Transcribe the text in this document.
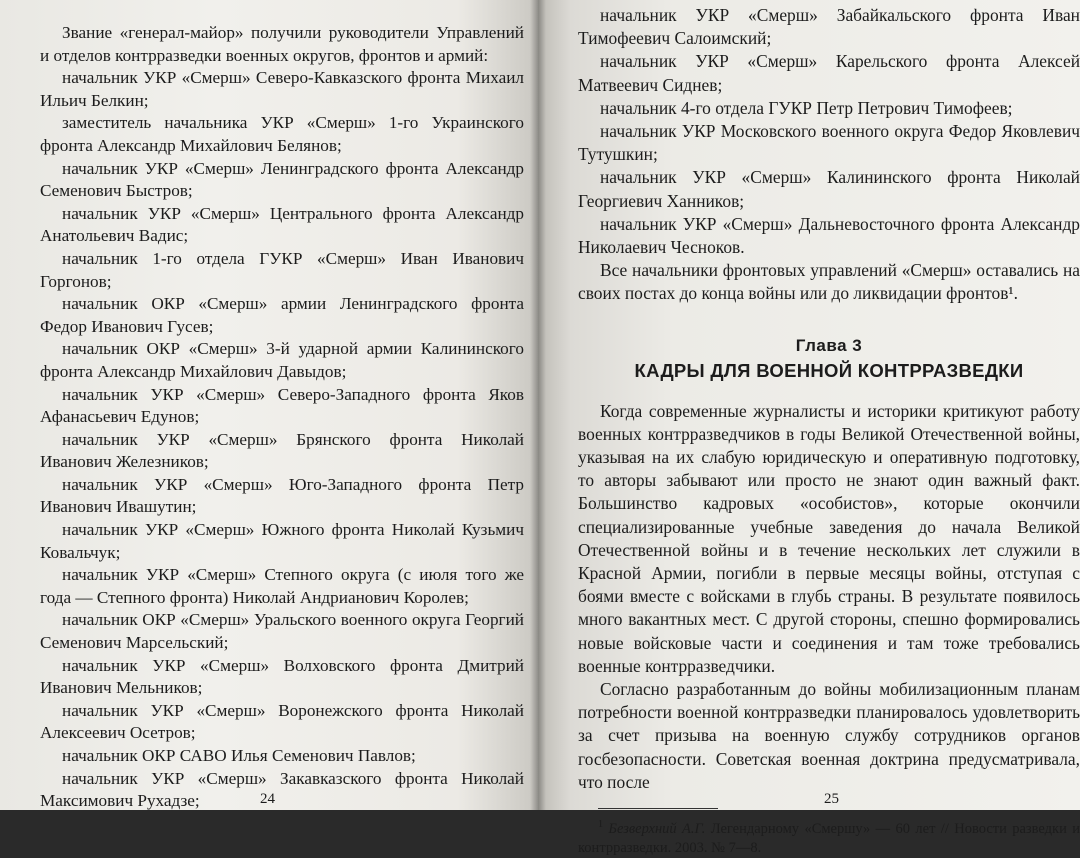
Звание «генерал-майор» получили руководители Управлений и отделов контрразведки военных округов, фронтов и армий:

начальник УКР «Смерш» Северо-Кавказского фронта Михаил Ильич Белкин;

заместитель начальника УКР «Смерш» 1-го Украинского фронта Александр Михайлович Белянов;

начальник УКР «Смерш» Ленинградского фронта Александр Семенович Быстров;

начальник УКР «Смерш» Центрального фронта Александр Анатольевич Вадис;

начальник 1-го отдела ГУКР «Смерш» Иван Иванович Горгонов;

начальник ОКР «Смерш» армии Ленинградского фронта Федор Иванович Гусев;

начальник ОКР «Смерш» 3-й ударной армии Калининского фронта Александр Михайлович Давыдов;

начальник УКР «Смерш» Северо-Западного фронта Яков Афанасьевич Едунов;

начальник УКР «Смерш» Брянского фронта Николай Иванович Железников;

начальник УКР «Смерш» Юго-Западного фронта Петр Иванович Ивашутин;

начальник УКР «Смерш» Южного фронта Николай Кузьмич Ковальчук;

начальник УКР «Смерш» Степного округа (с июля того же года — Степного фронта) Николай Андрианович Королев;

начальник ОКР «Смерш» Уральского военного округа Георгий Семенович Марсельский;

начальник УКР «Смерш» Волховского фронта Дмитрий Иванович Мельников;

начальник УКР «Смерш» Воронежского фронта Николай Алексеевич Осетров;

начальник ОКР САВО Илья Семенович Павлов;

начальник УКР «Смерш» Закавказского фронта Николай Максимович Рухадзе;	24

начальник УКР «Смерш» Забайкальского фронта Иван Тимофеевич Салоимский;

начальник УКР «Смерш» Карельского фронта Алексей Матвеевич Сиднев;

начальник 4-го отдела ГУКР Петр Петрович Тимофеев;

начальник УКР Московского военного округа Федор Яковлевич Тутушкин;

начальник УКР «Смерш» Калининского фронта Николай Георгиевич Ханников;

начальник УКР «Смерш» Дальневосточного фронта Александр Николаевич Чесноков.

Все начальники фронтовых управлений «Смерш» оставались на своих постах до конца войны или до ликвидации фронтов¹.

Глава 3
КАДРЫ ДЛЯ ВОЕННОЙ КОНТРРАЗВЕДКИ

Когда современные журналисты и историки критикуют работу военных контрразведчиков в годы Великой Отечественной войны, указывая на их слабую юридическую и оперативную подготовку, то авторы забывают или просто не знают один важный факт. Большинство кадровых «особистов», которые окончили специализированные учебные заведения до начала Великой Отечественной войны и в течение нескольких лет служили в Красной Армии, погибли в первые месяцы войны, отступая с боями вместе с войсками в глубь страны. В результате появилось много вакантных мест. С другой стороны, спешно формировались новые войсковые части и соединения и там тоже требовались военные контрразведчики.

Согласно разработанным до войны мобилизационным планам потребности военной контрразведки планировалось удовлетворить за счет призыва на военную службу сотрудников органов госбезопасности. Советская военная доктрина предусматривала, что после

$^1$ Безверхний А.Г. Легендарному «Смершу» — 60 лет // Новости разведки и контрразведки. 2003. № 7—8.

25
